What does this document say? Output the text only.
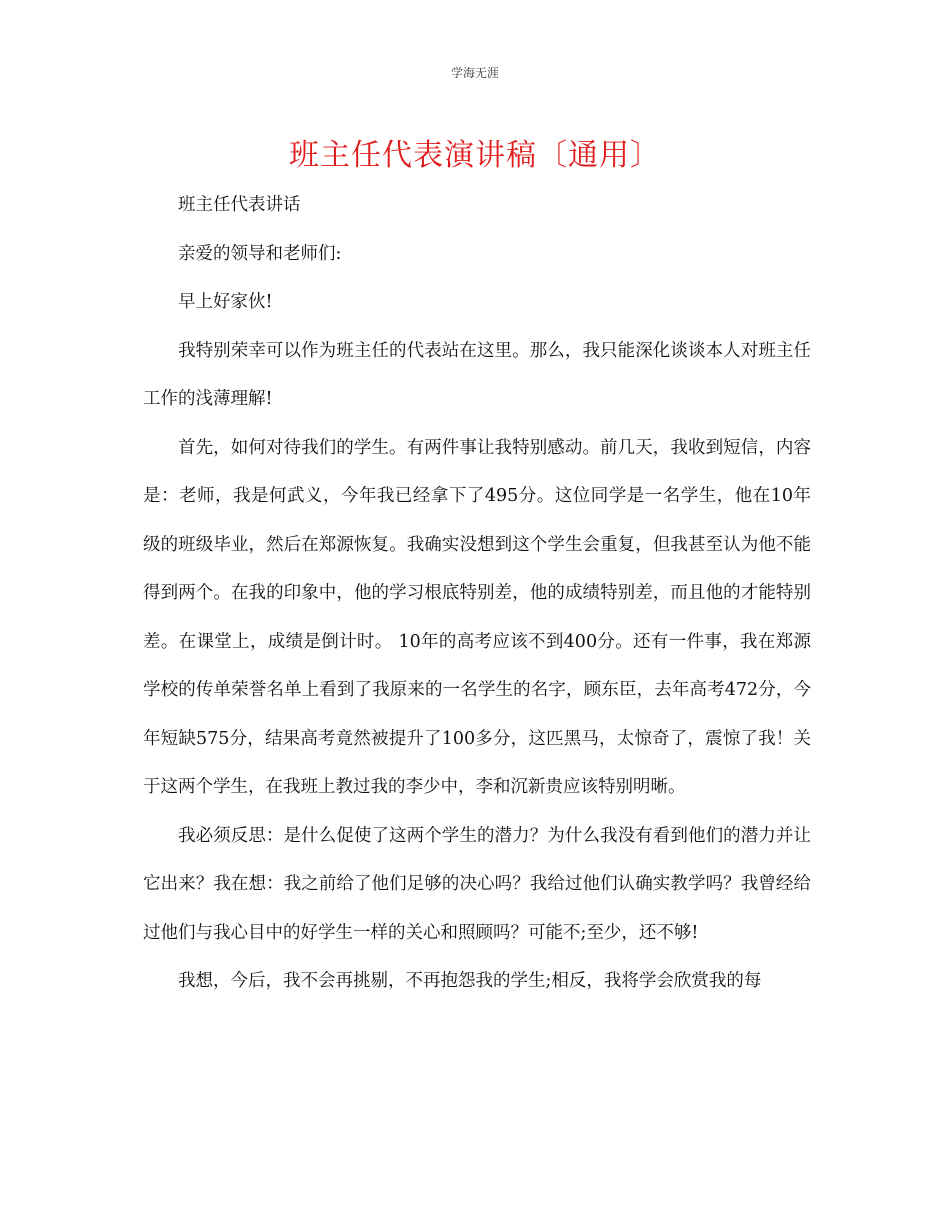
学海无涯
班主任代表演讲稿〔通用〕

班主任代表讲话

亲爱的领导和老师们:

早上好家伙!

我特别荣幸可以作为班主任的代表站在这里。那么，我只能深化谈谈本人对班主任工作的浅薄理解!

首先，如何对待我们的学生。有两件事让我特别感动。前几天，我收到短信，内容是：老师，我是何武义，今年我已经拿下了495分。这位同学是一名学生，他在10年级的班级毕业，然后在郑源恢复。我确实没想到这个学生会重复，但我甚至认为他不能得到两个。在我的印象中，他的学习根底特别差，他的成绩特别差，而且他的才能特别差。在课堂上，成绩是倒计时。 10年的高考应该不到400分。还有一件事，我在郑源学校的传单荣誉名单上看到了我原来的一名学生的名字，顾东臣，去年高考472分，今年短缺575分，结果高考竟然被提升了100多分，这匹黑马，太惊奇了，震惊了我！关于这两个学生，在我班上教过我的李少中，李和沉新贵应该特别明晰。

我必须反思：是什么促使了这两个学生的潜力？为什么我没有看到他们的潜力并让它出来？我在想：我之前给了他们足够的决心吗？我给过他们认确实教学吗？我曾经给过他们与我心目中的好学生一样的关心和照顾吗？可能不;至少，还不够!

我想，今后，我不会再挑剔，不再抱怨我的学生;相反，我将学会欣赏我的每
